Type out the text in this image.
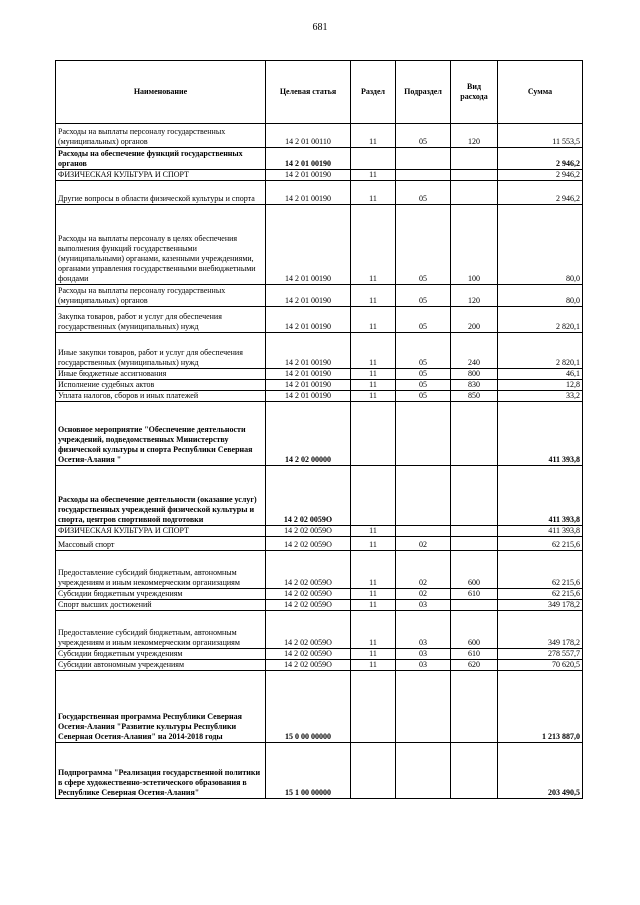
681
Наименование	Целевая статья	Раздел	Подраздел	Вид расхода	Сумма
Расходы на выплаты персоналу государственных (муниципальных) органов	14 2 01 00110	11	05	120	11 553,5
Расходы на обеспечение функций государственных органов	14 2 01 00190				2 946,2
ФИЗИЧЕСКАЯ КУЛЬТУРА И СПОРТ	14 2 01 00190	11			2 946,2
Другие вопросы в области физической культуры и спорта	14 2 01 00190	11	05		2 946,2
Расходы на выплаты персоналу в целях обеспечения выполнения функций государственными (муниципальными) органами, казенными учреждениями, органами управления государственными внебюджетными фондами	14 2 01 00190	11	05	100	80,0
Расходы на выплаты персоналу государственных (муниципальных) органов	14 2 01 00190	11	05	120	80,0
Закупка товаров, работ и услуг для обеспечения государственных (муниципальных) нужд	14 2 01 00190	11	05	200	2 820,1
Иные закупки товаров, работ и услуг для обеспечения государственных (муниципальных) нужд	14 2 01 00190	11	05	240	2 820,1
Иные бюджетные ассигнования	14 2 01 00190	11	05	800	46,1
Исполнение судебных актов	14 2 01 00190	11	05	830	12,8
Уплата налогов, сборов и иных платежей	14 2 01 00190	11	05	850	33,2
Основное мероприятие "Обеспечение деятельности учреждений, подведомственных Министерству физической культуры и спорта Республики Северная Осетия-Алания "	14 2 02 00000				411 393,8
Расходы на обеспечение деятельности (оказание услуг) государственных учреждений физической культуры и спорта, центров спортивной подготовки	14 2 02 0059О				411 393,8
ФИЗИЧЕСКАЯ КУЛЬТУРА И СПОРТ	14 2 02 0059О	11			411 393,8
Массовый спорт	14 2 02 0059О	11	02		62 215,6
Предоставление субсидий бюджетным, автономным учреждениям и иным некоммерческим организациям	14 2 02 0059О	11	02	600	62 215,6
Субсидии бюджетным учреждениям	14 2 02 0059О	11	02	610	62 215,6
Спорт высших достижений	14 2 02 0059О	11	03		349 178,2
Предоставление субсидий бюджетным, автономным учреждениям и иным некоммерческим организациям	14 2 02 0059О	11	03	600	349 178,2
Субсидии бюджетным учреждениям	14 2 02 0059О	11	03	610	278 557,7
Субсидии автономным учреждениям	14 2 02 0059О	11	03	620	70 620,5
Государственная программа Республики Северная Осетия-Алания "Развитие культуры Республики Северная Осетия-Алания" на 2014-2018 годы	15 0 00 00000				1 213 887,0
Подпрограмма "Реализация государственной политики в сфере художественно-эстетического образования в Республике Северная Осетия-Алания"	15 1 00 00000				203 490,5
